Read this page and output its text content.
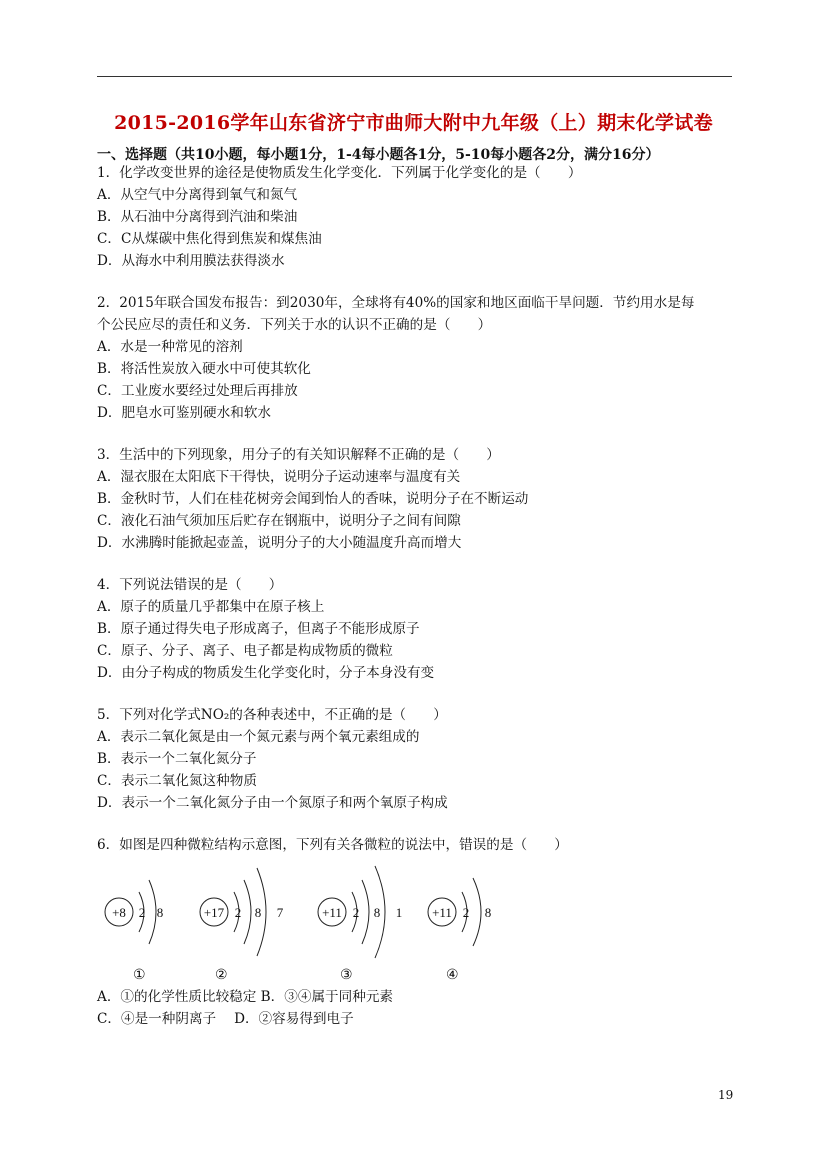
2015-2016学年山东省济宁市曲师大附中九年级（上）期末化学试卷
一、选择题（共10小题，每小题1分，1-4每小题各1分，5-10每小题各2分，满分16分）
1．化学改变世界的途径是使物质发生化学变化．下列属于化学变化的是（　　）
A．从空气中分离得到氧气和氮气
B．从石油中分离得到汽油和柴油
C．C从煤碳中焦化得到焦炭和煤焦油
D．从海水中利用膜法获得淡水
2．2015年联合国发布报告：到2030年，全球将有40%的国家和地区面临干旱问题．节约用水是每
个公民应尽的责任和义务．下列关于水的认识不正确的是（　　）
A．水是一种常见的溶剂
B．将活性炭放入硬水中可使其软化
C．工业废水要经过处理后再排放
D．肥皂水可鉴别硬水和软水
3．生活中的下列现象，用分子的有关知识解释不正确的是（　　）
A．湿衣服在太阳底下干得快，说明分子运动速率与温度有关
B．金秋时节，人们在桂花树旁会闻到怡人的香味，说明分子在不断运动
C．液化石油气须加压后贮存在钢瓶中，说明分子之间有间隙
D．水沸腾时能掀起壶盖，说明分子的大小随温度升高而增大
4．下列说法错误的是（　　）
A．原子的质量几乎都集中在原子核上
B．原子通过得失电子形成离子，但离子不能形成原子
C．原子、分子、离子、电子都是构成物质的微粒
D．由分子构成的物质发生化学变化时，分子本身没有变
5．下列对化学式NO₂的各种表述中，不正确的是（　　）
A．表示二氧化氮是由一个氮元素与两个氧元素组成的
B．表示一个二氧化氮分子
C．表示二氧化氮这种物质
D．表示一个二氧化氮分子由一个氮原子和两个氧原子构成
6．如图是四种微粒结构示意图，下列有关各微粒的说法中，错误的是（　　）
+8 2 8	+17 2 8 7	+11 2 8 1 +11 2 8
①	②	③	④
A．①的化学性质比较稳定 B．③④属于同种元素
C．④是一种阴离子　 D．②容易得到电子
19
